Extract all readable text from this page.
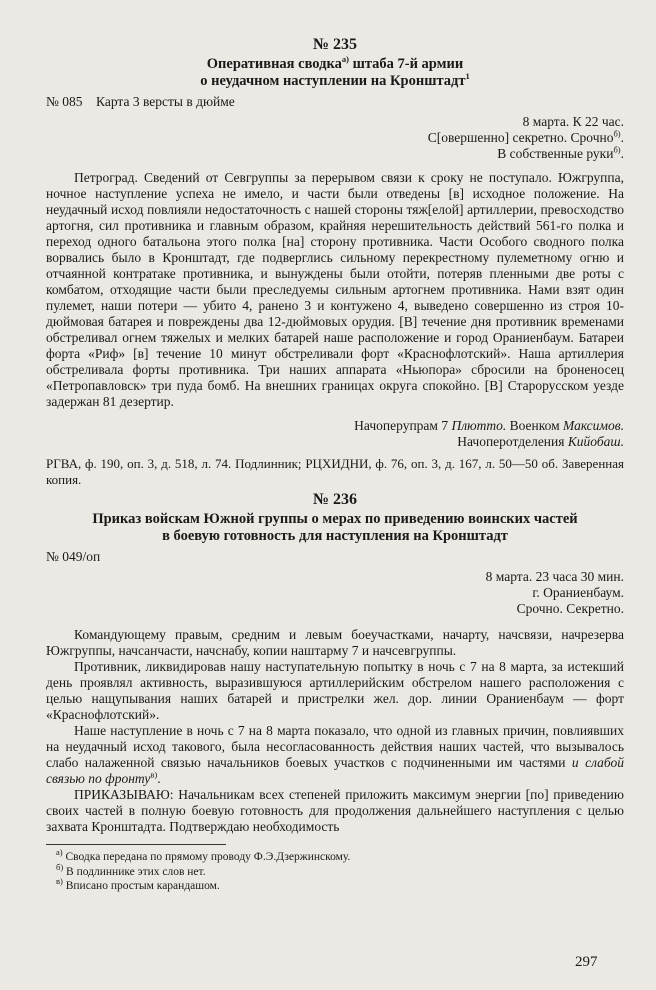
№ 235
Оперативная сводка$^{а)}$ штаба 7-й армии
о неудачном наступлении на Кронштадт$^1$
№ 085 Карта 3 версты в дюйме
8 марта. К 22 час.
С[овершенно] секретно. Срочно$^{б)}$.
В собственные руки$^{б)}$.

Петроград. Сведений от Севгруппы за перерывом связи к сроку не поступало. Южгруппа, ночное наступление успеха не имело, и части были отведены [в] исходное положение. На неудачный исход повлияли недостаточность с нашей стороны тяж[елой] артиллерии, превосходство артогня, сил противника и главным образом, крайняя нерешительность действий 561-го полка и переход одного батальона этого полка [на] сторону противника. Части Особого сводного полка ворвались было в Кронштадт, где подверглись сильному перекрестному пулеметному огню и отчаянной контратаке противника, и вынуждены были отойти, потеряв пленными две роты с комбатом, отходящие части были преследуемы сильным артогнем противника. Нами взят один пулемет, наши потери — убито 4, ранено 3 и контужено 4, выведено совершенно из строя 10-дюймовая батарея и повреждены два 12-дюймовых орудия. [В] течение дня противник временами обстреливал огнем тяжелых и мелких батарей наше расположение и город Ораниенбаум. Батареи форта «Риф» [в] течение 10 минут обстреливали форт «Краснофлотский». Наша артиллерия обстреливала форты противника. Три наших аппарата «Ньюпора» сбросили на броненосец «Петропавловск» три пуда бомб. На внешних границах округа спокойно. [В] Старорусском уезде задержан 81 дезертир.

Начоперупрам 7 Плютто. Военком Максимов.
Начоперотделения Кийобаш.
РГВА, ф. 190, оп. 3, д. 518, л. 74. Подлинник; РЦХИДНИ, ф. 76, оп. 3, д. 167, л. 50—50 об. Заверенная копия.
№ 236
Приказ войскам Южной группы о мерах по приведению воинских частей
в боевую готовность для наступления на Кронштадт
№ 049/оп
8 марта. 23 часа 30 мин.
г. Ораниенбаум.
Срочно. Секретно.

Командующему правым, средним и левым боеучастками, начарту, начсвязи, начрезерва Южгруппы, начсанчасти, начснабу, копии наштарму 7 и начсевгруппы.

Противник, ликвидировав нашу наступательную попытку в ночь с 7 на 8 марта, за истекший день проявлял активность, выразившуюся артиллерийским обстрелом нашего расположения с целью нащупывания наших батарей и пристрелки жел. дор. линии Ораниенбаум — форт «Краснофлотский».

Наше наступление в ночь с 7 на 8 марта показало, что одной из главных причин, повлиявших на неудачный исход такового, была несогласованность действия наших частей, что вызывалось слабо налаженной связью начальников боевых участков с подчиненными им частями и слабой связью по фронту$^{в)}$.

ПРИКАЗЫВАЮ: Начальникам всех степеней приложить максимум энергии [по] приведению своих частей в полную боевую готовность для продолжения дальнейшего наступления с целью захвата Кронштадта. Подтверждаю необходимость

$^{а)}$ Сводка передана по прямому проводу Ф.Э.Дзержинскому.
$^{б)}$ В подлиннике этих слов нет.
$^{в)}$ Вписано простым карандашом.
297
